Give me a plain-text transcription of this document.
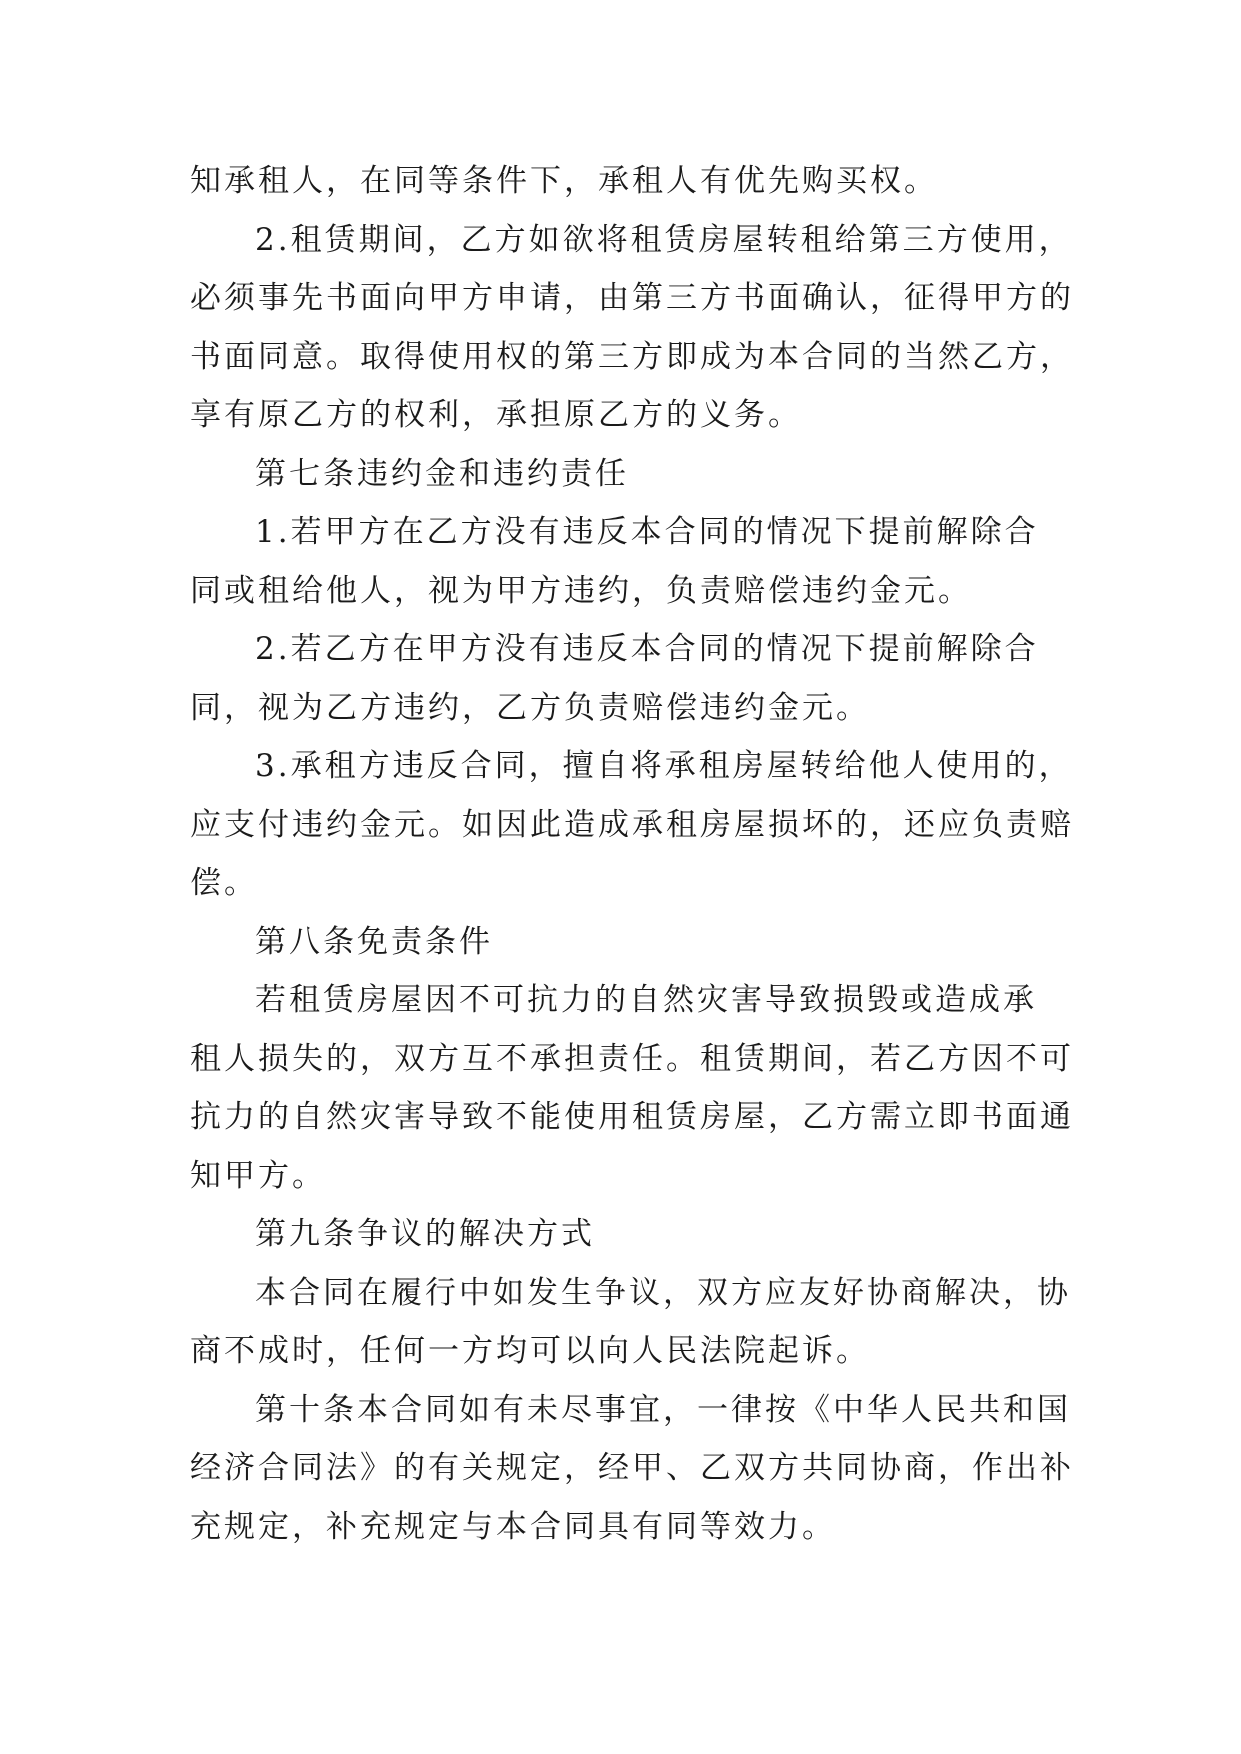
知承租人，在同等条件下，承租人有优先购买权。
2.租赁期间，乙方如欲将租赁房屋转租给第三方使用，
必须事先书面向甲方申请，由第三方书面确认，征得甲方的
书面同意。取得使用权的第三方即成为本合同的当然乙方，
享有原乙方的权利，承担原乙方的义务。
第七条违约金和违约责任
1.若甲方在乙方没有违反本合同的情况下提前解除合
同或租给他人，视为甲方违约，负责赔偿违约金元。
2.若乙方在甲方没有违反本合同的情况下提前解除合
同，视为乙方违约，乙方负责赔偿违约金元。
3.承租方违反合同，擅自将承租房屋转给他人使用的，
应支付违约金元。如因此造成承租房屋损坏的，还应负责赔
偿。
第八条免责条件
若租赁房屋因不可抗力的自然灾害导致损毁或造成承
租人损失的，双方互不承担责任。租赁期间，若乙方因不可
抗力的自然灾害导致不能使用租赁房屋，乙方需立即书面通
知甲方。
第九条争议的解决方式
本合同在履行中如发生争议，双方应友好协商解决，协
商不成时，任何一方均可以向人民法院起诉。
第十条本合同如有未尽事宜，一律按《中华人民共和国
经济合同法》的有关规定，经甲、乙双方共同协商，作出补
充规定，补充规定与本合同具有同等效力。
